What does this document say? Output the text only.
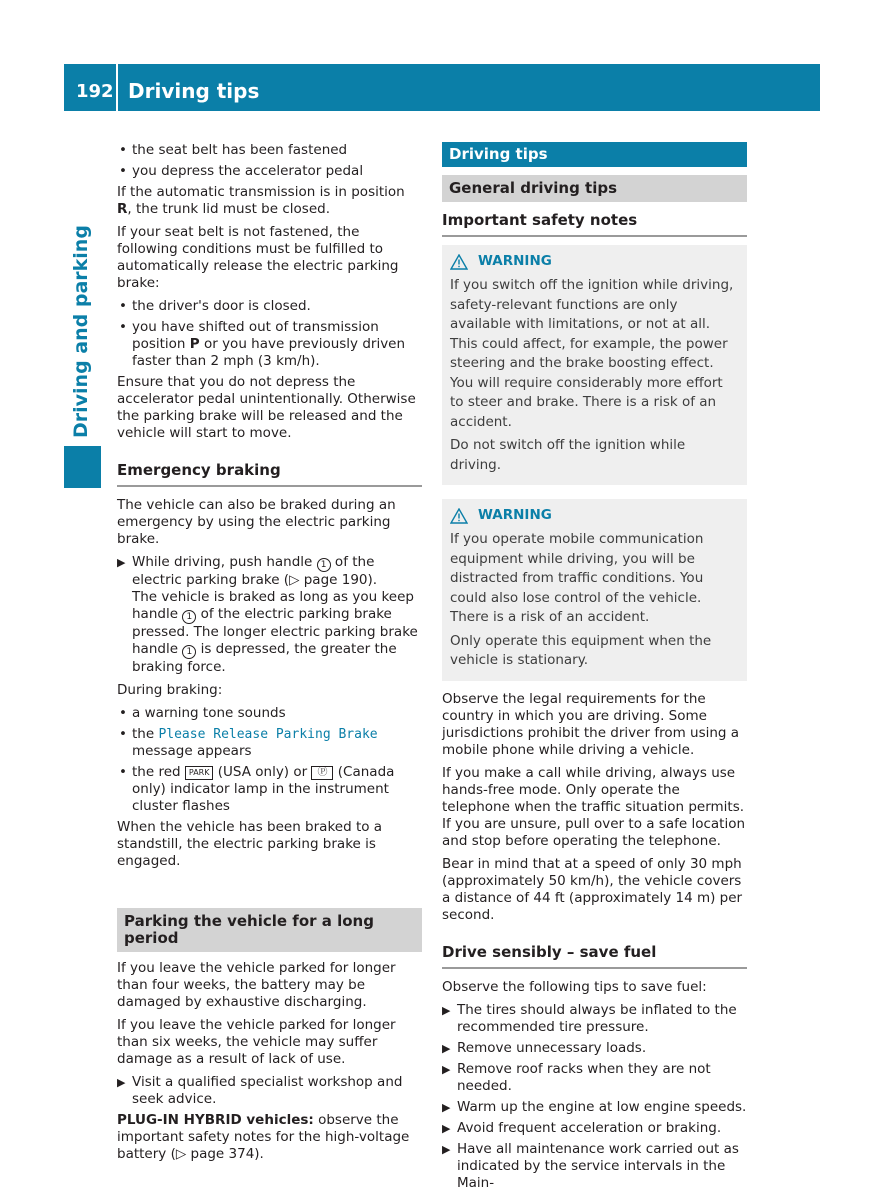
192 Driving tips
Driving and parking
• the seat belt has been fastened
• you depress the accelerator pedal

If the automatic transmission is in position R, the trunk lid must be closed.

If your seat belt is not fastened, the following conditions must be fulfilled to automatically release the electric parking brake:

• the driver's door is closed.
• you have shifted out of transmission position P or you have previously driven faster than 2 mph (3 km/h).

Ensure that you do not depress the accelerator pedal unintentionally. Otherwise the parking brake will be released and the vehicle will start to move.

Emergency braking

The vehicle can also be braked during an emergency by using the electric parking brake.

▶ While driving, push handle 1 of the electric parking brake (▷ page 190).
The vehicle is braked as long as you keep handle 1 of the electric parking brake pressed. The longer electric parking brake handle 1 is depressed, the greater the braking force.

During braking:

• a warning tone sounds
• the Please Release Parking Brake message appears
• the red PARK (USA only) or Ⓟ (Canada only) indicator lamp in the instrument cluster flashes

When the vehicle has been braked to a standstill, the electric parking brake is engaged.

Parking the vehicle for a long period

If you leave the vehicle parked for longer than four weeks, the battery may be damaged by exhaustive discharging.

If you leave the vehicle parked for longer than six weeks, the vehicle may suffer damage as a result of lack of use.

▶ Visit a qualified specialist workshop and seek advice.

PLUG-IN HYBRID vehicles: observe the important safety notes for the high-voltage battery (▷ page 374).

Driving tips
General driving tips
Important safety notes
WARNING

If you switch off the ignition while driving, safety-relevant functions are only available with limitations, or not at all. This could affect, for example, the power steering and the brake boosting effect. You will require considerably more effort to steer and brake. There is a risk of an accident.

Do not switch off the ignition while driving.

WARNING

If you operate mobile communication equipment while driving, you will be distracted from traffic conditions. You could also lose control of the vehicle. There is a risk of an accident.

Only operate this equipment when the vehicle is stationary.

Observe the legal requirements for the country in which you are driving. Some jurisdictions prohibit the driver from using a mobile phone while driving a vehicle.

If you make a call while driving, always use hands-free mode. Only operate the telephone when the traffic situation permits. If you are unsure, pull over to a safe location and stop before operating the telephone.

Bear in mind that at a speed of only 30 mph (approximately 50 km/h), the vehicle covers a distance of 44 ft (approximately 14 m) per second.

Drive sensibly – save fuel

Observe the following tips to save fuel:

▶ The tires should always be inflated to the recommended tire pressure.
▶ Remove unnecessary loads.
▶ Remove roof racks when they are not needed.
▶ Warm up the engine at low engine speeds.
▶ Avoid frequent acceleration or braking.
▶ Have all maintenance work carried out as indicated by the service intervals in the Main-
